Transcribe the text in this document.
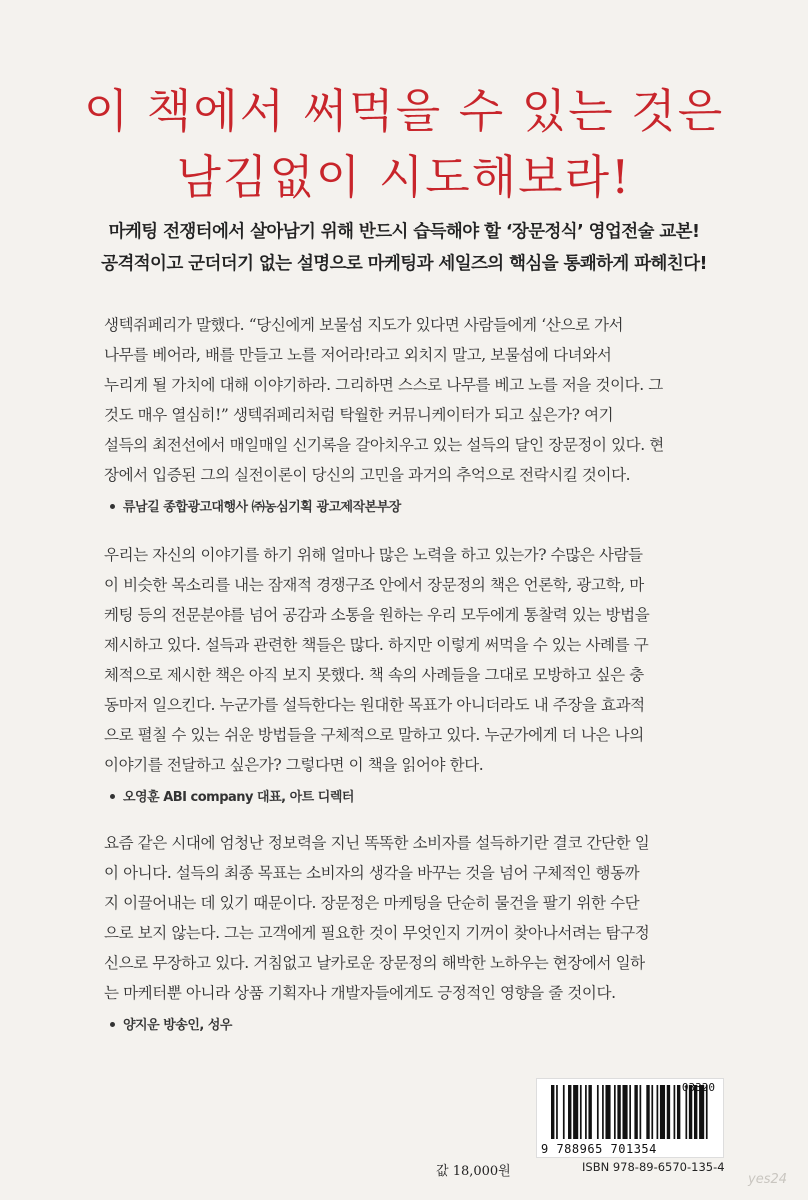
이 책에서 써먹을 수 있는 것은
남김없이 시도해보라!
마케팅 전쟁터에서 살아남기 위해 반드시 습득해야 할 ‘장문정식’ 영업전술 교본!
공격적이고 군더더기 없는 설명으로 마케팅과 세일즈의 핵심을 통쾌하게 파헤친다!

생텍쥐페리가 말했다. “당신에게 보물섬 지도가 있다면 사람들에게 ‘산으로 가서
나무를 베어라, 배를 만들고 노를 저어라!라고 외치지 말고, 보물섬에 다녀와서
누리게 될 가치에 대해 이야기하라. 그리하면 스스로 나무를 베고 노를 저을 것이다. 그
것도 매우 열심히!” 생텍쥐페리처럼 탁월한 커뮤니케이터가 되고 싶은가? 여기
설득의 최전선에서 매일매일 신기록을 갈아치우고 있는 설득의 달인 장문정이 있다. 현
장에서 입증된 그의 실전이론이 당신의 고민을 과거의 추억으로 전락시킬 것이다.

류남길 종합광고대행사 ㈜농심기획 광고제작본부장

우리는 자신의 이야기를 하기 위해 얼마나 많은 노력을 하고 있는가? 수많은 사람들
이 비슷한 목소리를 내는 잠재적 경쟁구조 안에서 장문정의 책은 언론학, 광고학, 마
케팅 등의 전문분야를 넘어 공감과 소통을 원하는 우리 모두에게 통찰력 있는 방법을
제시하고 있다. 설득과 관련한 책들은 많다. 하지만 이렇게 써먹을 수 있는 사례를 구
체적으로 제시한 책은 아직 보지 못했다. 책 속의 사례들을 그대로 모방하고 싶은 충
동마저 일으킨다. 누군가를 설득한다는 원대한 목표가 아니더라도 내 주장을 효과적
으로 펼칠 수 있는 쉬운 방법들을 구체적으로 말하고 있다. 누군가에게 더 나은 나의
이야기를 전달하고 싶은가? 그렇다면 이 책을 읽어야 한다.

오영훈 ABI company 대표, 아트 디렉터

요즘 같은 시대에 엄청난 정보력을 지닌 똑똑한 소비자를 설득하기란 결코 간단한 일
이 아니다. 설득의 최종 목표는 소비자의 생각을 바꾸는 것을 넘어 구체적인 행동까
지 이끌어내는 데 있기 때문이다. 장문정은 마케팅을 단순히 물건을 팔기 위한 수단
으로 보지 않는다. 그는 고객에게 필요한 것이 무엇인지 기꺼이 찾아나서려는 탐구정
신으로 무장하고 있다. 거침없고 날카로운 장문정의 해박한 노하우는 현장에서 일하
는 마케터뿐 아니라 상품 기획자나 개발자들에게도 긍정적인 영향을 줄 것이다.

양지운 방송인, 성우
03320
9 788965 701354
값 18,000원	ISBN 978-89-6570-135-4
yes24
